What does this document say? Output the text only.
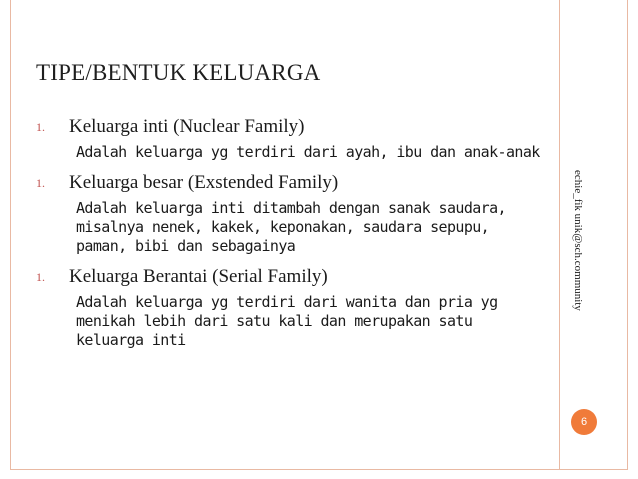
TIPE/BENTUK KELUARGA
1. Keluarga inti (Nuclear Family)
Adalah keluarga yg terdiri dari ayah, ibu dan anak-anak
1. Keluarga besar (Exstended Family)
Adalah keluarga inti ditambah dengan sanak saudara, misalnya nenek, kakek, keponakan, saudara sepupu, paman, bibi dan sebagainya
1. Keluarga Berantai (Serial Family)
Adalah keluarga yg terdiri dari wanita dan pria yg menikah lebih dari satu kali dan merupakan satu keluarga inti
echie_fik unik@sch.community
6
